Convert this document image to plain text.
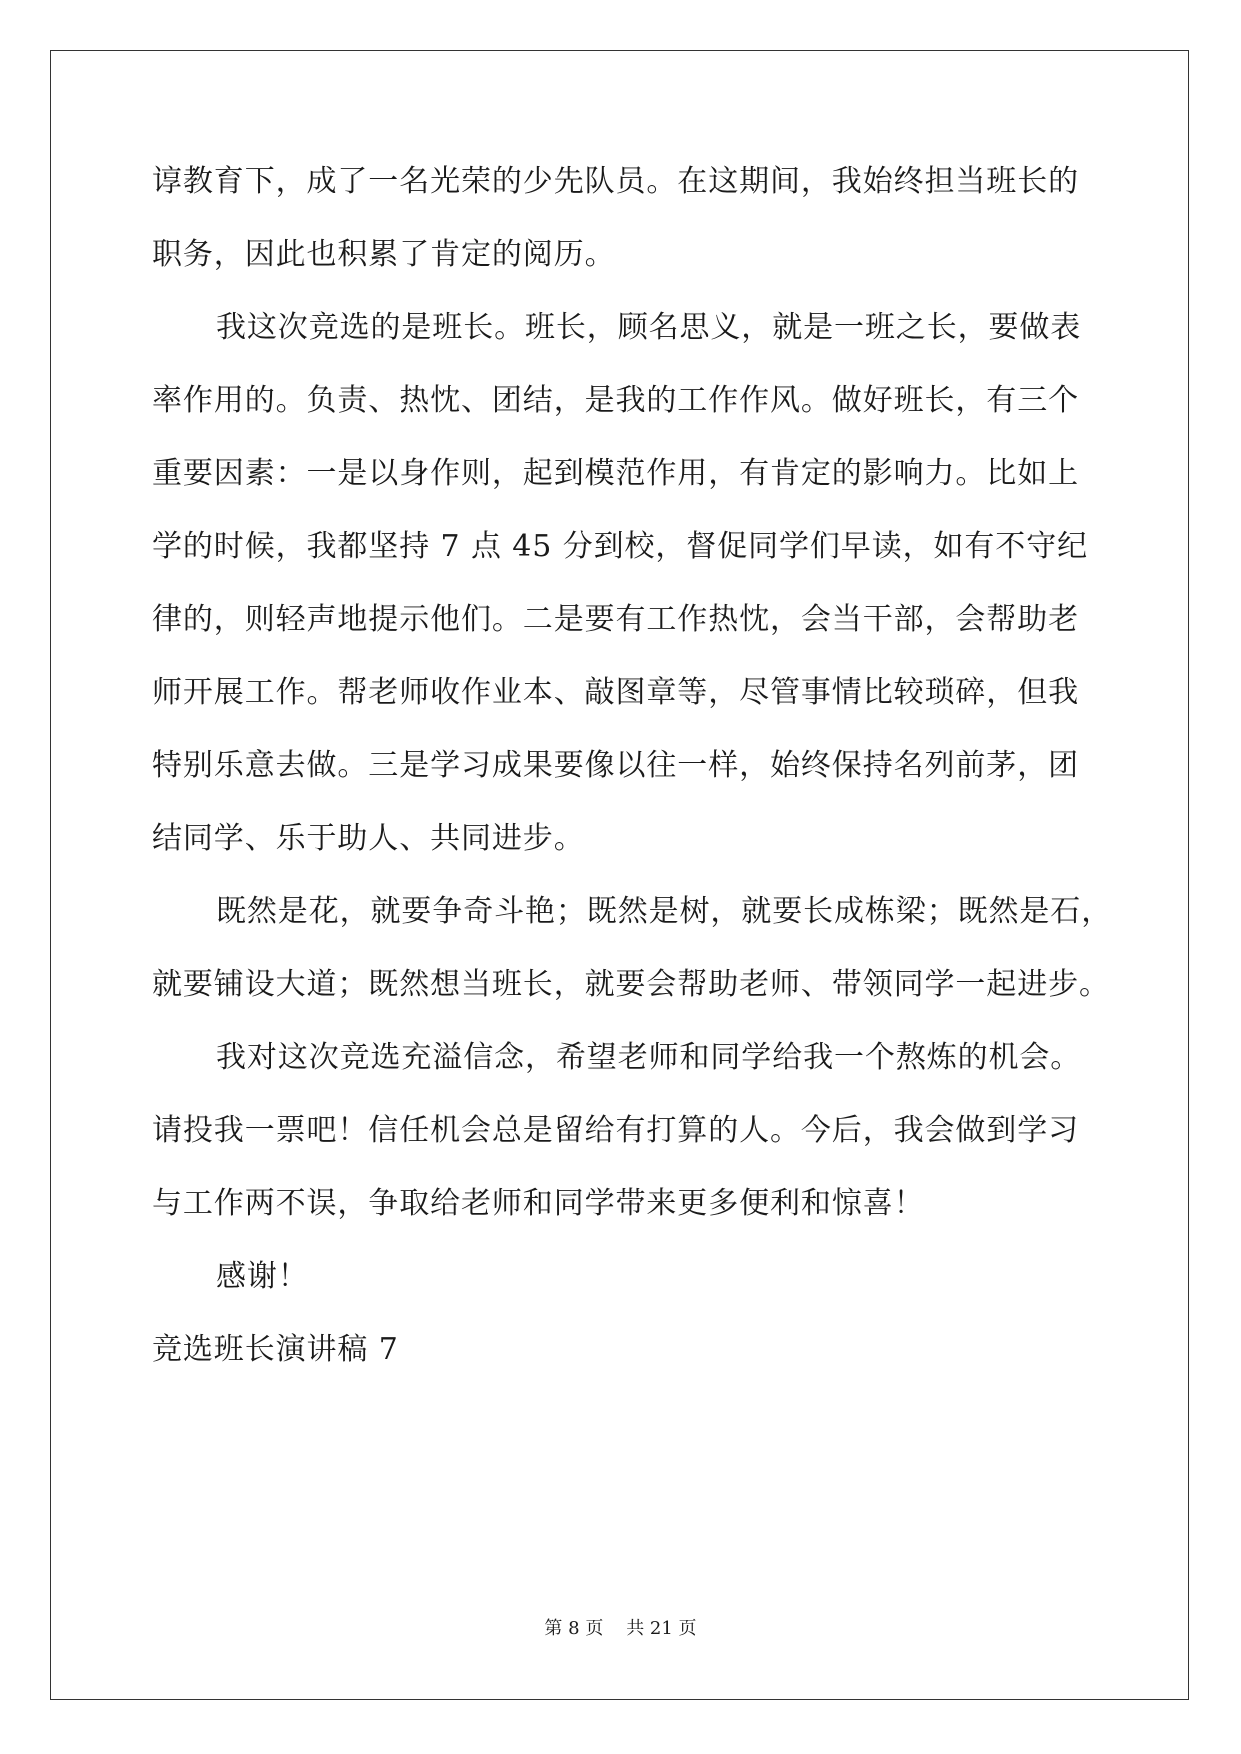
谆教育下，成了一名光荣的少先队员。在这期间，我始终担当班长的
职务，因此也积累了肯定的阅历。
我这次竞选的是班长。班长，顾名思义，就是一班之长，要做表
率作用的。负责、热忱、团结，是我的工作作风。做好班长，有三个
重要因素：一是以身作则，起到模范作用，有肯定的影响力。比如上
学的时候，我都坚持 7 点 45 分到校，督促同学们早读，如有不守纪
律的，则轻声地提示他们。二是要有工作热忱，会当干部，会帮助老
师开展工作。帮老师收作业本、敲图章等，尽管事情比较琐碎，但我
特别乐意去做。三是学习成果要像以往一样，始终保持名列前茅，团
结同学、乐于助人、共同进步。
既然是花，就要争奇斗艳；既然是树，就要长成栋梁；既然是石，
就要铺设大道；既然想当班长，就要会帮助老师、带领同学一起进步。
我对这次竞选充溢信念，希望老师和同学给我一个熬炼的机会。
请投我一票吧！信任机会总是留给有打算的人。今后，我会做到学习
与工作两不误，争取给老师和同学带来更多便利和惊喜！
感谢！
竞选班长演讲稿 7
第 8 页    共 21 页
